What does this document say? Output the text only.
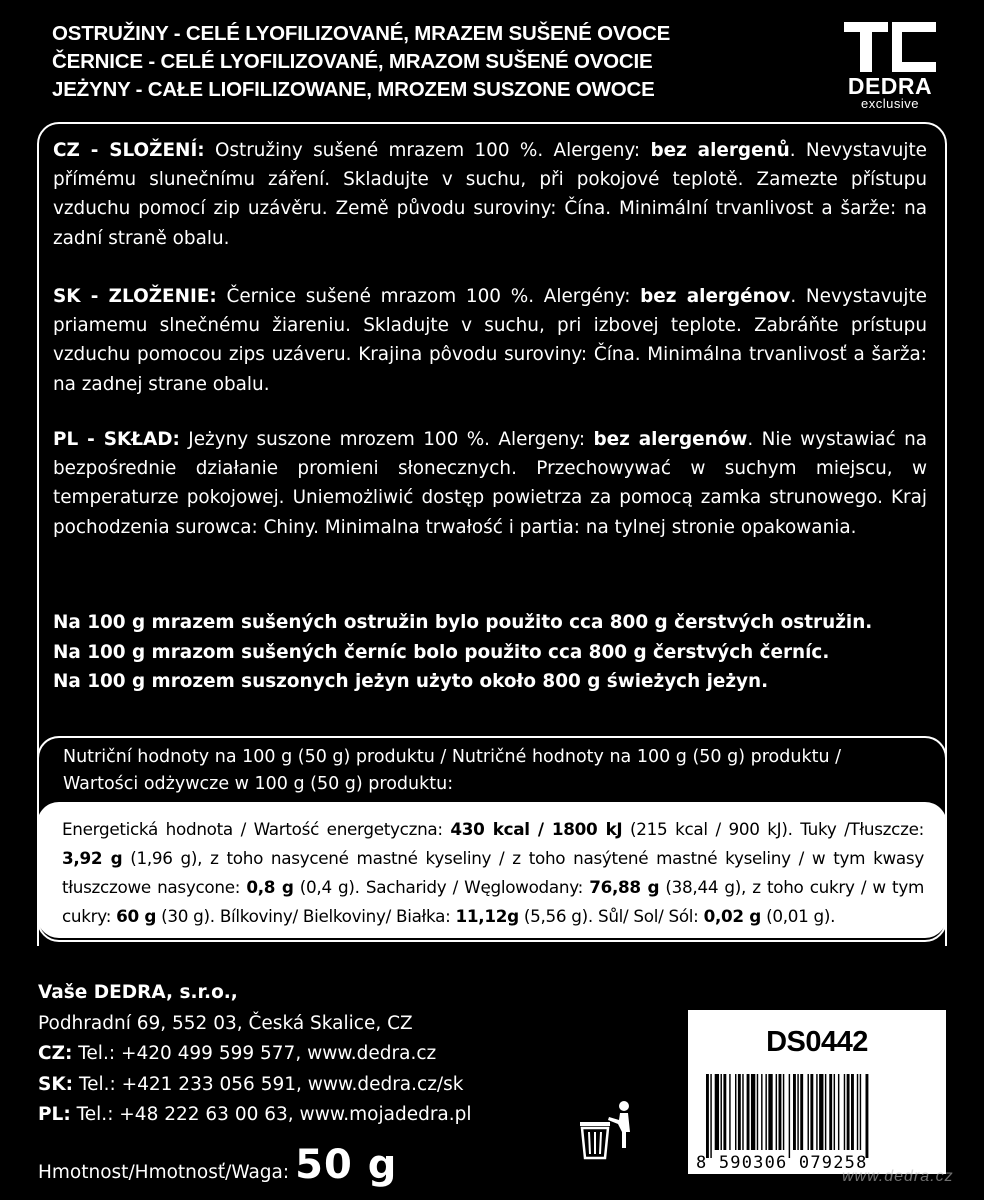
OSTRUŽINY - CELÉ LYOFILIZOVANÉ, MRAZEM SUŠENÉ OVOCE
ČERNICE - CELÉ LYOFILIZOVANÉ, MRAZOM SUŠENÉ OVOCIE
JEŻYNY - CAŁE LIOFILIZOWANE, MROZEM SUSZONE OWOCE	DEDRA
exclusive
CZ - SLOŽENÍ: Ostružiny sušené mrazem 100 %. Alergeny: bez alergenů. Nevystavujte přímému slunečnímu záření. Skladujte v suchu, při pokojové teplotě. Zamezte přístupu vzduchu pomocí zip uzávěru. Země původu suroviny: Čína. Minimální trvanlivost a šarže: na zadní straně obalu.
SK - ZLOŽENIE: Černice sušené mrazom 100 %. Alergény: bez alergénov. Nevystavujte priamemu slnečnému žiareniu. Skladujte v suchu, pri izbovej teplote. Zabráňte prístupu vzduchu pomocou zips uzáveru. Krajina pôvodu suroviny: Čína. Minimálna trvanlivosť a šarža: na zadnej strane obalu.
PL - SKŁAD: Jeżyny suszone mrozem 100 %. Alergeny: bez alergenów. Nie wystawiać na bezpośrednie działanie promieni słonecznych. Przechowywać w suchym miejscu, w temperaturze pokojowej. Uniemożliwić dostęp powietrza za pomocą zamka strunowego. Kraj pochodzenia surowca: Chiny. Minimalna trwałość i partia: na tylnej stronie opakowania.
Na 100 g mrazem sušených ostružin bylo použito cca 800 g čerstvých ostružin.
Na 100 g mrazom sušených černíc bolo použito cca 800 g čerstvých černíc.
Na 100 g mrozem suszonych jeżyn użyto około 800 g świeżych jeżyn.
Nutriční hodnoty na 100 g (50 g) produktu / Nutričné hodnoty na 100 g (50 g) produktu /
Wartości odżywcze w 100 g (50 g) produktu:
Energetická hodnota / Wartość energetyczna: 430 kcal / 1800 kJ (215 kcal / 900 kJ). Tuky /Tłuszcze: 3,92 g (1,96 g), z toho nasycené mastné kyseliny / z toho nasýtené mastné kyseliny / w tym kwasy tłuszczowe nasycone: 0,8 g (0,4 g). Sacharidy / Węglowodany: 76,88 g (38,44 g), z toho cukry / w tym cukry: 60 g (30 g). Bílkoviny/ Bielkoviny/ Białka: 11,12g (5,56 g). Sůl/ Sol/ Sól: 0,02 g (0,01 g).
Vaše DEDRA, s.r.o.,
Podhradní 69, 552 03, Česká Skalice, CZ
CZ: Tel.: +420 499 599 577, www.dedra.cz
SK: Tel.: +421 233 056 591, www.dedra.cz/sk
PL: Tel.: +48 222 63 00 63, www.mojadedra.pl
Hmotnost/Hmotnosť/Waga: 50 g
DS0442
8 590306 079258
www.dedra.cz
